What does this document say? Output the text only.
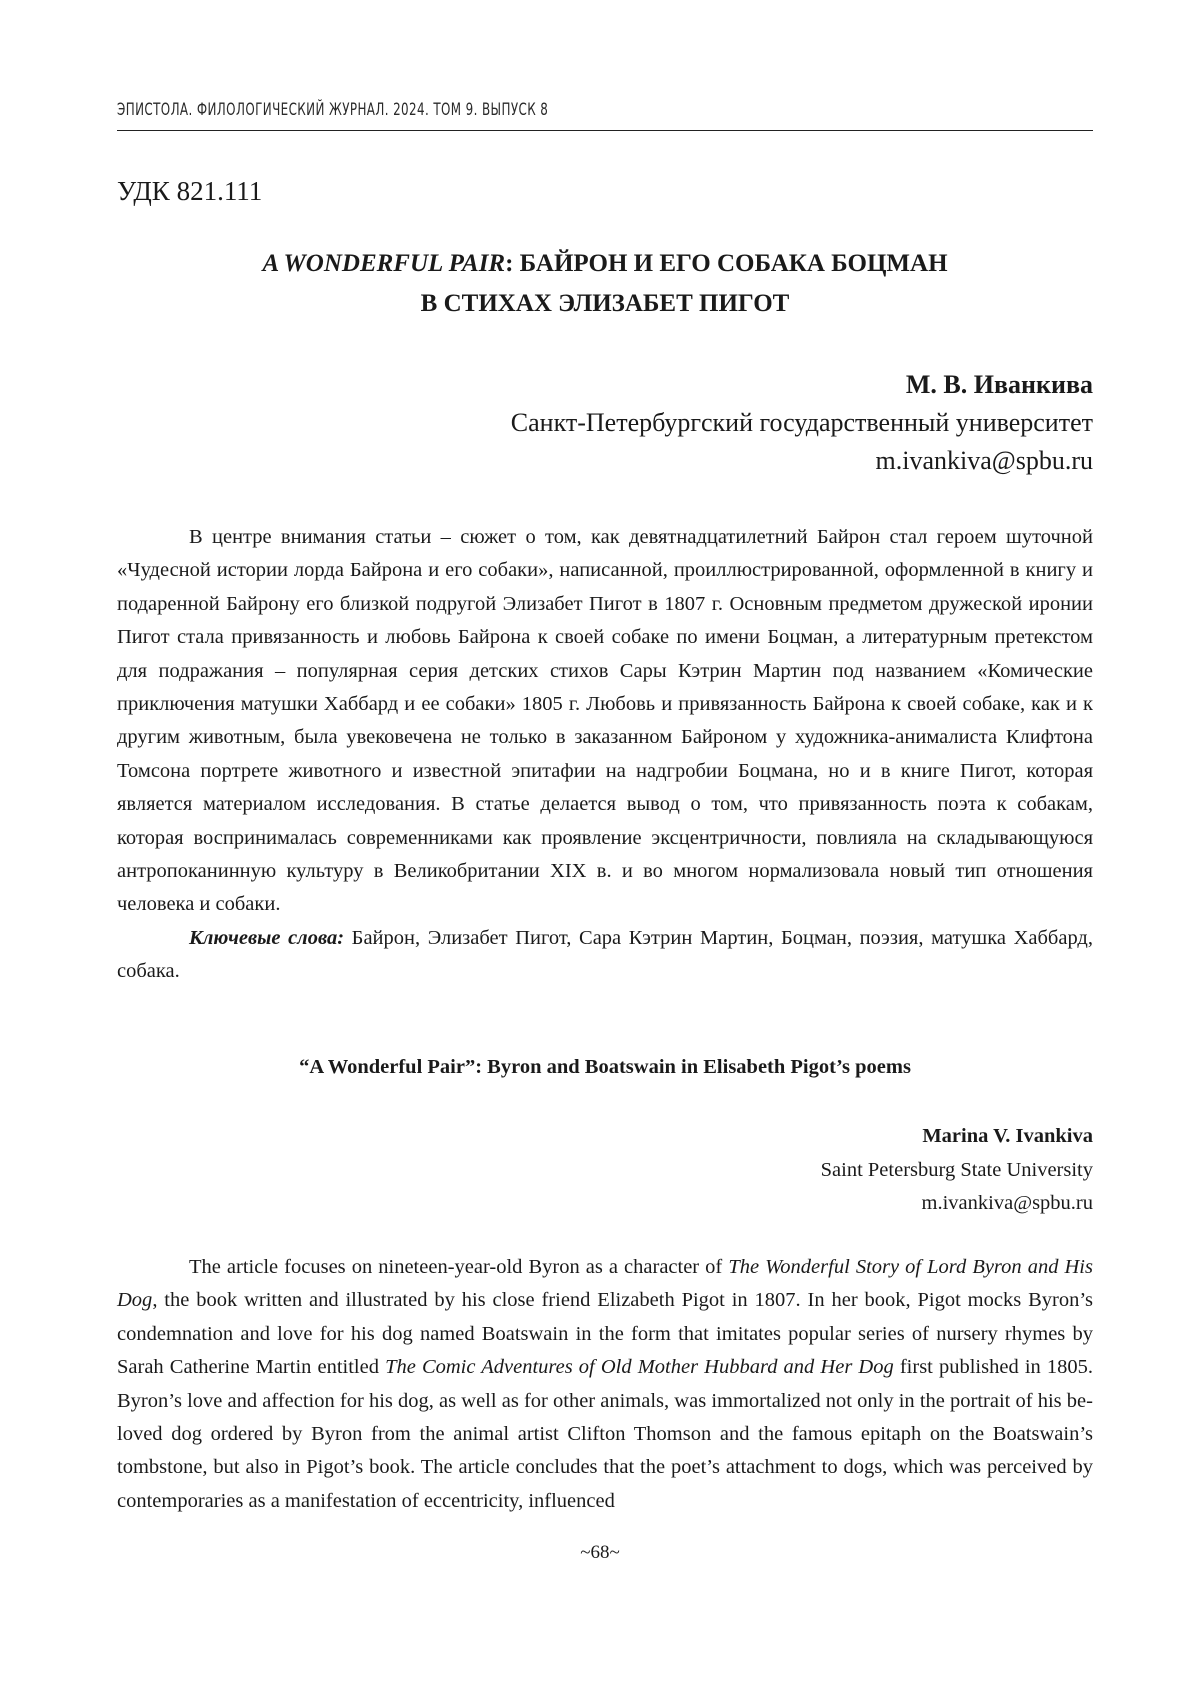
ЭПИСТОЛА. ФИЛОЛОГИЧЕСКИЙ ЖУРНАЛ. 2024. ТОМ 9. ВЫПУСК 8
УДК 821.111
A WONDERFUL PAIR: БАЙРОН И ЕГО СОБАКА БОЦМАН
В СТИХАХ ЭЛИЗАБЕТ ПИГОТ
М. В. Иванкива
Санкт-Петербургский государственный университет
m.ivankiva@spbu.ru

В центре внимания статьи – сюжет о том, как девятнадцатилетний Байрон стал героем шуточной «Чудесной истории лорда Байрона и его собаки», написанной, проиллюстрированной, оформленной в книгу и подаренной Байрону его близкой подругой Элизабет Пигот в 1807 г. Основным предметом дружеской иронии Пигот стала привязанность и любовь Байрона к своей собаке по имени Боцман, а литературным претекстом для подражания – популярная серия детских стихов Сары Кэтрин Мартин под названием «Комические приключения матушки Хаббард и ее собаки» 1805 г. Любовь и привязанность Байрона к своей собаке, как и к другим животным, была увековечена не только в заказанном Байроном у художника-анималиста Клифтона Томсона портрете животного и известной эпитафии на надгробии Боцмана, но и в книге Пигот, которая является материалом исследования. В статье делается вывод о том, что привязанность поэта к собакам, которая воспринималась современниками как проявление эксцентричности, повлияла на складывающуюся антропоканинную культуру в Великобритании XIX в. и во многом нормализовала новый тип отношения человека и собаки.

Ключевые слова: Байрон, Элизабет Пигот, Сара Кэтрин Мартин, Боцман, поэзия, матушка Хаббард, собака.

“A Wonderful Pair”: Byron and Boatswain in Elisabeth Pigot’s poems
Marina V. Ivankiva
Saint Petersburg State University
m.ivankiva@spbu.ru

The article focuses on nineteen-year-old Byron as a character of The Wonderful Story of Lord Byron and His Dog, the book written and illustrated by his close friend Elizabeth Pigot in 1807. In her book, Pigot mocks Byron’s condemnation and love for his dog named Boatswain in the form that imitates popular series of nursery rhymes by Sarah Catherine Martin entitled The Comic Adventures of Old Mother Hubbard and Her Dog first published in 1805. Byron’s love and affection for his dog, as well as for other animals, was immortalized not only in the portrait of his beloved dog ordered by Byron from the animal artist Clifton Thomson and the famous epitaph on the Boatswain’s tombstone, but also in Pigot’s book. The article concludes that the poet’s attachment to dogs, which was perceived by contemporaries as a manifestation of eccentricity, influenced

~68~
